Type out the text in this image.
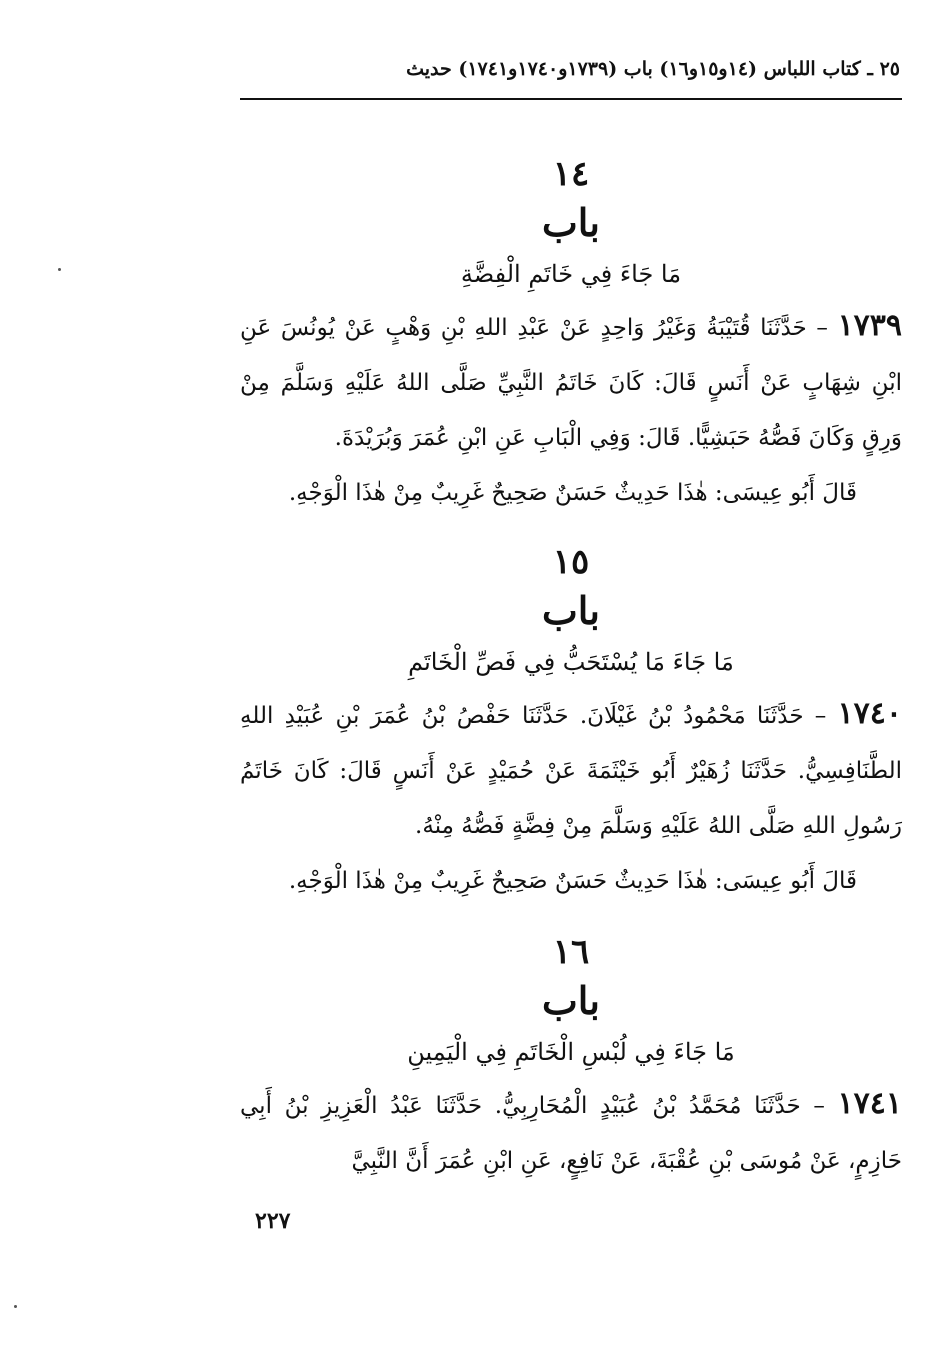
٢٥ ـ كتاب اللباس (١٤و١٥و١٦) باب (١٧٣٩و١٧٤٠و١٧٤١) حديث
١٤
باب
مَا جَاءَ فِي خَاتَمِ الْفِضَّةِ
١٧٣٩ – حَدَّثَنَا قُتَيْبَةُ وَغَيْرُ وَاحِدٍ عَنْ عَبْدِ اللهِ بْنِ وَهْبٍ عَنْ يُونُسَ عَنِ ابْنِ شِهَابٍ عَنْ أَنَسٍ قَالَ: كَانَ خَاتَمُ النَّبِيِّ صَلَّى اللهُ عَلَيْهِ وَسَلَّمَ مِنْ وَرِقٍ وَكَانَ فَصُّهُ حَبَشِيًّا. قَالَ: وَفِي الْبَابِ عَنِ ابْنِ عُمَرَ وَبُرَيْدَةَ.
قَالَ أَبُو عِيسَى: هٰذَا حَدِيثٌ حَسَنٌ صَحِيحٌ غَرِيبٌ مِنْ هٰذَا الْوَجْهِ.
١٥
باب
مَا جَاءَ مَا يُسْتَحَبُّ فِي فَصِّ الْخَاتَمِ
١٧٤٠ – حَدَّثَنَا مَحْمُودُ بْنُ غَيْلَانَ. حَدَّثَنَا حَفْصُ بْنُ عُمَرَ بْنِ عُبَيْدِ اللهِ الطَّنَافِسِيُّ. حَدَّثَنَا زُهَيْرٌ أَبُو خَيْثَمَةَ عَنْ حُمَيْدٍ عَنْ أَنَسٍ قَالَ: كَانَ خَاتَمُ رَسُولِ اللهِ صَلَّى اللهُ عَلَيْهِ وَسَلَّمَ مِنْ فِضَّةٍ فَصُّهُ مِنْهُ.
قَالَ أَبُو عِيسَى: هٰذَا حَدِيثٌ حَسَنٌ صَحِيحٌ غَرِيبٌ مِنْ هٰذَا الْوَجْهِ.
١٦
باب
مَا جَاءَ فِي لُبْسِ الْخَاتَمِ فِي الْيَمِينِ
١٧٤١ – حَدَّثَنَا مُحَمَّدُ بْنُ عُبَيْدٍ الْمُحَارِبِيُّ. حَدَّثَنَا عَبْدُ الْعَزِيزِ بْنُ أَبِي حَازِمٍ، عَنْ مُوسَى بْنِ عُقْبَةَ، عَنْ نَافِعٍ، عَنِ ابْنِ عُمَرَ أَنَّ النَّبِيَّ
٢٢٧
